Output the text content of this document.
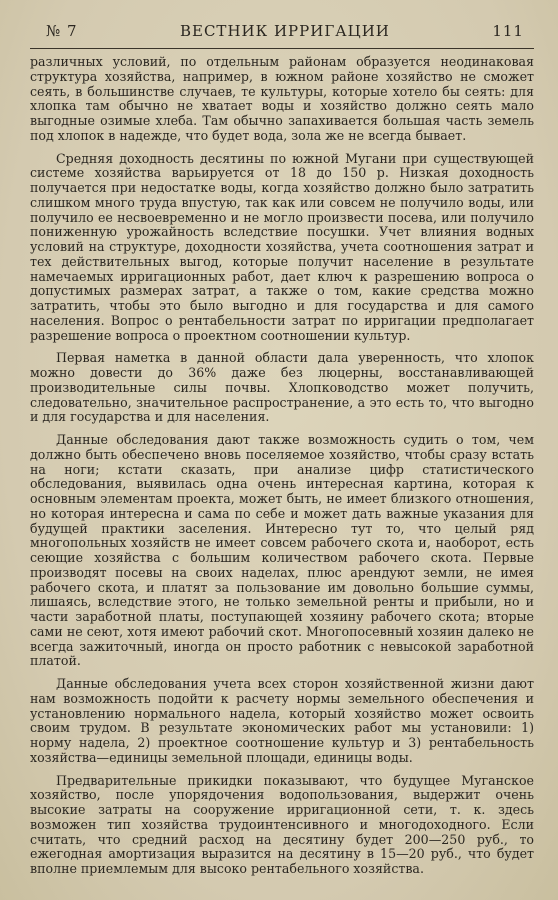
№ 7	ВЕСТНИК ИРРИГАЦИИ	111

различных условий, по отдельным районам образуется неодинаковая структура хозяйства, например, в южном районе хозяйство не сможет сеять, в большинстве случаев, те культуры, которые хотело бы сеять: для хлопка там обычно не хватает воды и хозяйство должно сеять мало выгодные озимые хлеба. Там обычно запахивается большая часть земель под хлопок в надежде, что будет вода, зола же не всегда бывает.

Средняя доходность десятины по южной Мугани при существующей системе хозяйства варьируется от 18 до 150 р. Низкая доходность получается при недостатке воды, когда хозяйство должно было затратить слишком много труда впустую, так как или совсем не получило воды, или получило ее несвоевременно и не могло произвести посева, или получило пониженную урожайность вследствие посушки. Учет влияния водных условий на структуре, доходности хозяйства, учета соотношения затрат и тех действительных выгод, которые получит население в результате намечаемых ирригационных работ, дает ключ к разрешению вопроса о допустимых размерах затрат, а также о том, какие средства можно затратить, чтобы это было выгодно и для государства и для самого населения. Вопрос о рентабельности затрат по ирригации предполагает разрешение вопроса о проектном соотношении культур.

Первая наметка в данной области дала уверенность, что хлопок можно довести до 36% даже без люцерны, восстанавливающей производительные силы почвы. Хлопководство может получить, следовательно, значительное распространение, а это есть то, что выгодно и для государства и для населения.

Данные обследования дают также возможность судить о том, чем должно быть обеспечено вновь поселяемое хозяйство, чтобы сразу встать на ноги; кстати сказать, при анализе цифр статистического обследования, выявилась одна очень интересная картина, которая к основным элементам проекта, может быть, не имеет близкого отношения, но которая интересна и сама по себе и может дать важные указания для будущей практики заселения. Интересно тут то, что целый ряд многопольных хозяйств не имеет совсем рабочего скота и, наоборот, есть сеющие хозяйства с большим количеством рабочего скота. Первые производят посевы на своих наделах, плюс арендуют земли, не имея рабочего скота, и платят за пользование им довольно большие суммы, лишаясь, вследствие этого, не только земельной ренты и прибыли, но и части заработной платы, поступающей хозяину рабочего скота; вторые сами не сеют, хотя имеют рабочий скот. Многопосевный хозяин далеко не всегда зажиточный, иногда он просто работник с невысокой заработной платой.

Данные обследования учета всех сторон хозяйственной жизни дают нам возможность подойти к расчету нормы земельного обеспечения и установлению нормального надела, который хозяйство может освоить своим трудом. В результате экономических работ мы установили: 1) норму надела, 2) проектное соотношение культур и 3) рентабельность хозяйства—единицы земельной площади, единицы воды.

Предварительные прикидки показывают, что будущее Муганское хозяйство, после упорядочения водопользования, выдержит очень высокие затраты на сооружение ирригационной сети, т. к. здесь возможен тип хозяйства трудоинтенсивного и многодоходного. Если считать, что средний расход на десятину будет 200—250 руб., то ежегодная амортизация выразится на десятину в 15—20 руб., что будет вполне приемлемым для высоко рентабельного хозяйства.
